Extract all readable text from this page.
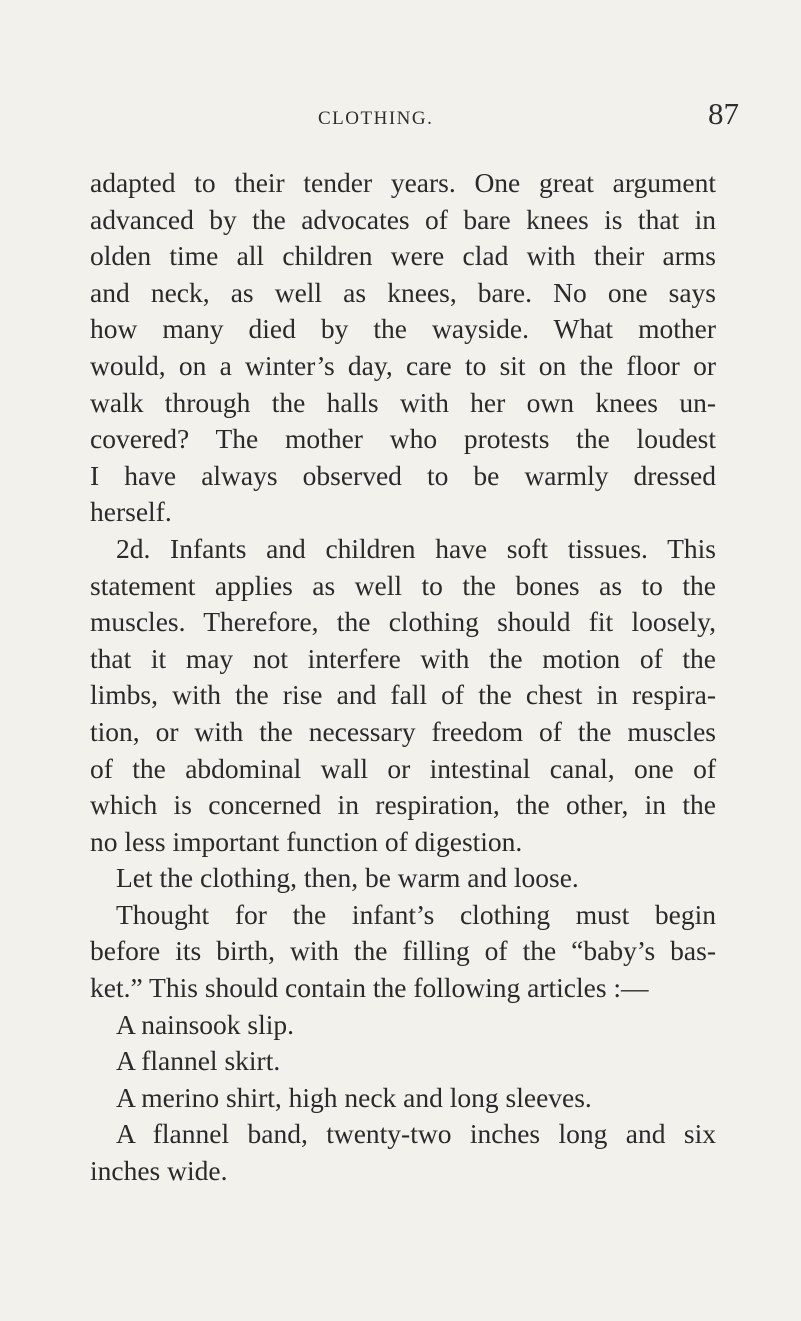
CLOTHING.	87
adapted to their tender years. One great argument
advanced by the advocates of bare knees is that in
olden time all children were clad with their arms
and neck, as well as knees, bare. No one says
how many died by the wayside. What mother
would, on a winter’s day, care to sit on the floor or
walk through the halls with her own knees un-
covered? The mother who protests the loudest
I have always observed to be warmly dressed
herself.
2d. Infants and children have soft tissues. This
statement applies as well to the bones as to the
muscles. Therefore, the clothing should fit loosely,
that it may not interfere with the motion of the
limbs, with the rise and fall of the chest in respira-
tion, or with the necessary freedom of the muscles
of the abdominal wall or intestinal canal, one of
which is concerned in respiration, the other, in the
no less important function of digestion.
Let the clothing, then, be warm and loose.
Thought for the infant’s clothing must begin
before its birth, with the filling of the “baby’s bas-
ket.” This should contain the following articles :—
A nainsook slip.
A flannel skirt.
A merino shirt, high neck and long sleeves.
A flannel band, twenty-two inches long and six
inches wide.
